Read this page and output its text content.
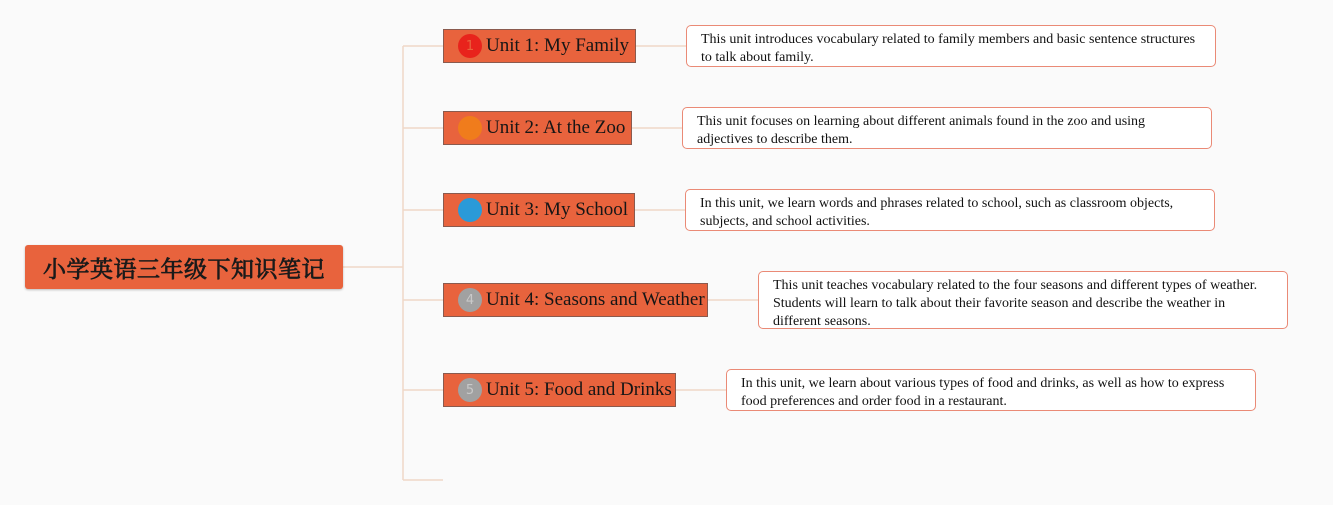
小学英语三年级下知识笔记
1 Unit 1: My Family	This unit introduces vocabulary related to family members and basic sentence structures to talk about family.
2 Unit 2: At the Zoo	This unit focuses on learning about different animals found in the zoo and using adjectives to describe them.
3 Unit 3: My School	In this unit, we learn words and phrases related to school, such as classroom objects, subjects, and school activities.
4 Unit 4: Seasons and Weather
This unit teaches vocabulary related to the four seasons and different types of weather. Students will learn to talk about their favorite season and describe the weather in different seasons.
5 Unit 5: Food and Drinks	In this unit, we learn about various types of food and drinks, as well as how to express food preferences and order food in a restaurant.
